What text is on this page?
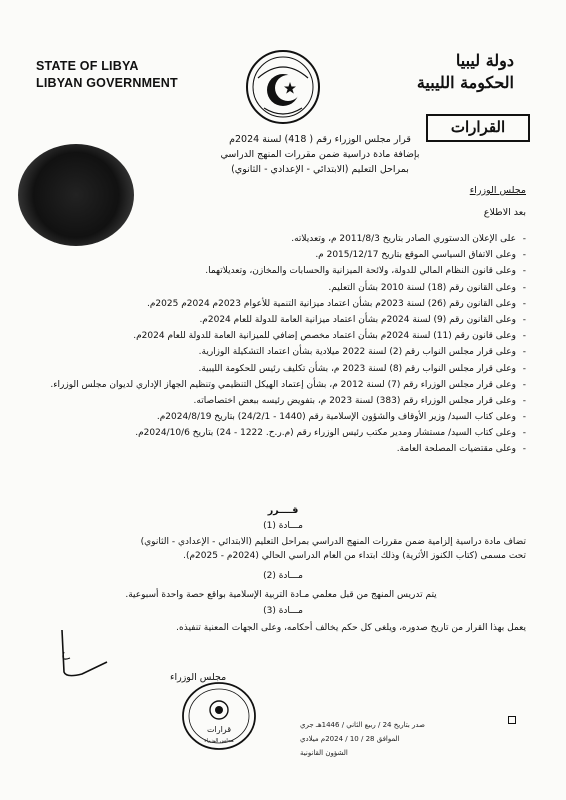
STATE OF LIBYA
LIBYAN GOVERNMENT
دولة ليبيا
الحكومة الليبية
القرارات
قرار مجلس الوزراء رقم ( 418) لسنة 2024م
بإضافة مادة دراسية ضمن مقررات المنهج الدراسي
بمراحل التعليم (الابتدائي - الإعدادي - الثانوي)
مجلس الوزراء
بعد الاطلاع
-
على الإعلان الدستوري الصادر بتاريخ 2011/8/3 م، وتعديلاته.
-
وعلى الاتفاق السياسي الموقع بتاريخ 2015/12/17 م.
-
وعلى قانون النظام المالي للدولة، ولائحة الميزانية والحسابات والمخازن، وتعديلاتهما.
-
وعلى القانون رقم (18) لسنة 2010 بشأن التعليم.
-
وعلى القانون رقم (26) لسنة 2023م بشأن اعتماد ميزانية التنمية للأعوام 2023م 2024م 2025م.
-
وعلى القانون رقم (9) لسنة 2024م بشأن اعتماد ميزانية العامة للدولة للعام 2024م.
-
وعلى قانون رقم (11) لسنة 2024م بشأن اعتماد مخصص إضافي للميزانية العامة للدولة للعام 2024م.
-
وعلى قرار مجلس النواب رقم (2) لسنة 2022 ميلادية بشأن اعتماد التشكيلة الوزارية.
-
وعلى قرار مجلس النواب رقم (8) لسنة 2023 م، بشأن تكليف رئيس للحكومة الليبية.
-
وعلى قرار مجلس الوزراء رقم (7) لسنة 2012 م، بشأن إعتماد الهيكل التنظيمي وتنظيم الجهاز الإداري لديوان مجلس الوزراء.
-
وعلى قرار مجلس الوزراء رقم (383) لسنة 2023 م، بتفويض رئيسه ببعض اختصاصاته.
-
وعلى كتاب السيد/ وزير الأوقاف والشؤون الإسلامية رقم (1440 - 24/2/1) بتاريخ 2024/8/19م.
-
وعلى كتاب السيد/ مستشار ومدير مكتب رئيس الوزراء رقم (م.ر.ح. 1222 - 24) بتاريخ 2024/10/6م.
-
وعلى مقتضيات المصلحة العامة.
قــــرر
مـــادة (1)
تضاف مادة دراسية إلزامية ضمن مقررات المنهج الدراسي بمراحل التعليم (الابتدائي - الإعدادي - الثانوي)
تحت مسمى (كتاب الكنوز الأثرية) وذلك ابتداء من العام الدراسي الحالي (2024م - 2025م).
مـــادة (2)
يتم تدريس المنهج من قبل معلمي مـادة التربية الإسلامية بواقع حصة واحدة أسبوعية.
مـــادة (3)
يعمل بهذا القرار من تاريخ صدوره، ويلغى كل حكم يخالف أحكامه، وعلى الجهات المعنية تنفيذه.
مجلس الوزراء
قرارات
مجلس الوزراء
صدر بتاريخ 24 / ربيع الثاني / 1446هـ جري
الموافق 28 / 10 / 2024م ميلادي
الشؤون القانونية
